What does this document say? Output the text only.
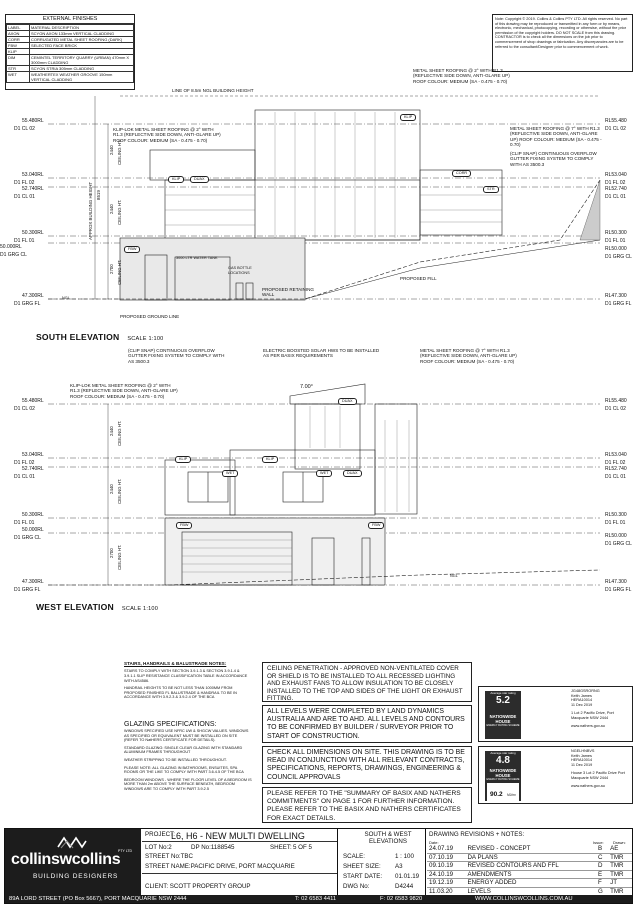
EXTERNAL FINISHES
LABEL	MATERIAL DESCRIPTION
AXON	SCYON AXON 133mm VERTICAL CLADDING
CORR	CORRUGATED METAL SHEET ROOFING (DARK)
FBW	SELECTED FACE BRICK
KLIP	
DIM	CEMINTEL TERRITORY QUARRY (URBAN) 470mm X 3000mm CLADDING
STR	SCYON STRIA 305mm CLADDING
WET	WEATHERTEX WEATHER GROOVE 150mm VERTICAL CLADDING
Note: Copyright © 2019. Collins & Collins PTY LTD. All rights reserved. No part of this drawing may be reproduced or transmitted in any form or by means, electronic, mechanical, photocopying, recording or otherwise, without the prior permission of the copyright holders. DO NOT SCALE from this drawing. CONTRACTOR is to check all the dimensions on the job prior to commencement of shop drawings or fabrication. Any discrepancies are to be referred to the consultant/Designer prior to commencement of work.
55.480RL
D1 CL 02
53.040RL
D1 FL 02
52.740RL
D1 CL 01
50.300RL
D1 FL 01
50.000RL
D1 GRG CL
47.300RL
D1 GRG FL
RL55.480
D1 CL 02
RL53.040
D1 FL 02
RL52.740
D1 CL 01
RL50.300
D1 FL 01
RL50.000
D1 GRG CL
RL47.300
D1 GRG FL
2440
2440
2700
CEILING HT.
CEILING HT.
CEILING HT.
8519
APPROX BUILDING HEIGHT
KLIP
KLIP	DUAX
CORR
STR
FBW
LINE OF 8.5m NGL BUILDING HEIGHT
METAL SHEET ROOFING @ 2° WITH R1.3 (REFLECTIVE SIDE DOWN, ANTI-GLARE UP) ROOF COLOUR: MEDIUM (SA - 0.475 - 0.70)
KLIP-LOK METAL SHEET ROOFING @ 2° WITH R1.3 (REFLECTIVE SIDE DOWN, ANTI-GLARE UP) ROOF COLOUR: MEDIUM (SA - 0.475 - 0.70)
METAL SHEET ROOFING @ 7° WITH R1.3 (REFLECTIVE SIDE DOWN, ANTI-GLARE UP) ROOF COLOUR: MEDIUM (SA - 0.475 - 0.70)
(CLIP SNAP) CONTINUOUS OVERFLOW GUTTER FIXING SYSTEM TO COMPLY WITH AS 3500.3
3000 LTR WATER TANK
GAS BOTTLE LOCATIONS
PROPOSED RETAINING WALL
PROPOSED FILL
PROPOSED GROUND LINE
NGL
SOUTH ELEVATION SCALE 1:100
55.480RL
D1 CL 02
53.040RL
D1 FL 02
52.740RL
D1 CL 01
50.300RL
D1 FL 01
50.000RL
D1 GRG CL
47.300RL
D1 GRG FL
RL55.480
D1 CL 02
RL53.040
D1 FL 02
RL52.740
D1 CL 01
RL50.300
D1 FL 01
RL50.000
D1 GRG CL
RL47.300
D1 GRG FL
2440
2440
2700
CEILING HT.
CEILING HT.
CEILING HT.
7.00°
DUAX
KLIP	KLIP
WET	WET	DUAX
FBW	FBW
(CLIP SNAP) CONTINUOUS OVERFLOW GUTTER FIXING SYSTEM TO COMPLY WITH AS 3500.3
ELECTRIC BOOSTED SOLAR HWS TO BE INSTALLED AS PER BASIX REQUIREMENTS
METAL SHEET ROOFING @ 7° WITH R1.3 (REFLECTIVE SIDE DOWN, ANTI-GLARE UP) ROOF COLOUR: MEDIUM (SA - 0.475 - 0.70)
KLIP-LOK METAL SHEET ROOFING @ 2° WITH R1.3 (REFLECTIVE SIDE DOWN, ANTI-GLARE UP) ROOF COLOUR: MEDIUM (SA - 0.475 - 0.70)
NGL
WEST ELEVATION SCALE 1:100
STAIRS, HANDRAILS & BALUSTRADE NOTES:
STAIRS TO COMPLY WITH SECTION 3.9.1.3 & SECTION 3.9.1.4 & 3.9.1.1 SLIP RESISTANCE CLASSIFICATION TABLE IN ACCORDANCE WITH AS4586.
HANDRAIL HEIGHTS TO BE NOT LESS THAN 1000MM FROM PROPOSED FINISHED FL BALUSTRADE & HANDRAIL TO BE IN ACCORDANCE WITH 3.9.2.3 & 3.9.2.4 OF THE BCA
GLAZING SPECIFICATIONS:
WINDOWS SPECIFIED USE NFRC UW & SHGCW VALUES. WINDOWS AS SPECIFIED OR EQUIVALENT MUST BE INSTALLED ON SITE (REFER TO NatHERS CERTIFICATE FOR DETAILS).
STANDARD GLAZING: SINGLE CLEAR GLAZING WITH STANDARD ALUMINIUM FRAMES THROUGHOUT
WEATHER STRIPPING TO BE INSTALLED THROUGHOUT.
PLEASE NOTE: ALL GLAZING IN BATHROOMS, ENSUITES, SPA ROOMS OR THE LIKE TO COMPLY WITH PART 3.6.4.5 OF THE BCA
BEDROOM WINDOWS - WHERE THE FLOOR LEVEL OF A BEDROOM IS MORE THAN 2m ABOVE THE SURFACE BENEATH, BEDROOM WINDOWS ARE TO COMPLY WITH PART 3.9.2.5
CEILING PENETRATION - APPROVED NON-VENTILATED COVER OR SHIELD IS TO BE INSTALLED TO ALL RECESSED LIGHTING AND EXHAUST FANS TO ALLOW INSULATION TO BE CLOSELY INSTALLED TO THE TOP AND SIDES OF THE LIGHT OR EXHAUST FITTING.
ALL LEVELS WERE COMPLETED BY LAND DYNAMICS AUSTRALIA AND ARE TO AHD. ALL LEVELS AND CONTOURS TO BE CONFIRMED BY BUILDER / SURVEYOR PRIOR TO START OF CONSTRUCTION.
CHECK ALL DIMENSIONS ON SITE. THIS DRAWING IS TO BE READ IN CONJUNCTION WITH ALL RELEVANT CONTRACTS, SPECIFICATIONS, REPORTS, DRAWINGS, ENGINEERING & COUNCIL APPROVALS
PLEASE REFER TO THE "SUMMARY OF BASIX AND NATHERS COMMITMENTS" ON PAGE 1 FOR FURTHER INFORMATION. PLEASE REFER TO THE BASIX AND NATHERS CERTIFICATES FOR EXACT DETAILS.
Average star rating
5.2
NATIONWIDE HOUSE
ENERGY RATING SCHEME
JG48GSRORNG
Keith James
HERA10014
11 Dec 2019
1 Lot 2 Pacific Drive, Port Macquarie NSW 2444
www.nathers.gov.au
Average star rating
4.8
NATIONWIDE HOUSE
ENERGY RATING SCHEME
90.2 MJ/m²
NGELHNBVS
Keith James
HERA10014
11 Dec 2019
House 3 Lot 2 Pacific Drive Port Macquarie NSW 2444
www.nathers.gov.au
collinswcollins
PTY LTD
BUILDING DESIGNERS
PROJECT:
L6, H6 - NEW MULTI DWELLING
LOT No:2	DP No:1188545
STREET No:TBC
STREET NAME:PACIFIC DRIVE, PORT MACQUARIE
CLIENT: SCOTT PROPERTY GROUP
SOUTH & WEST ELEVATIONS
SHEET: 5 OF 5
SCALE:	1 : 100
SHEET SIZE: A3
START DATE: 01.01.19
DWG No:	D4244
DRAWING REVISIONS + NOTES:
Date:	Issue: Drawn:
24.07.19	REVISED - CONCEPT	B	AE
07.10.19	DA PLANS	C	TMR
09.10.19	REVISED CONTOURS AND FFL	D	TMR
24.10.19	AMENDMENTS	E	TMR
19.12.19	ENERGY ADDED	F	JT
11.03.20	LEVELS	G	TMR
89A LORD STREET (PO Box 5667), PORT MACQUARIE NSW 2444	T: 02 6583 4411	F: 02 6583 9820	WWW.COLLINSWCOLLINS.COM.AU
